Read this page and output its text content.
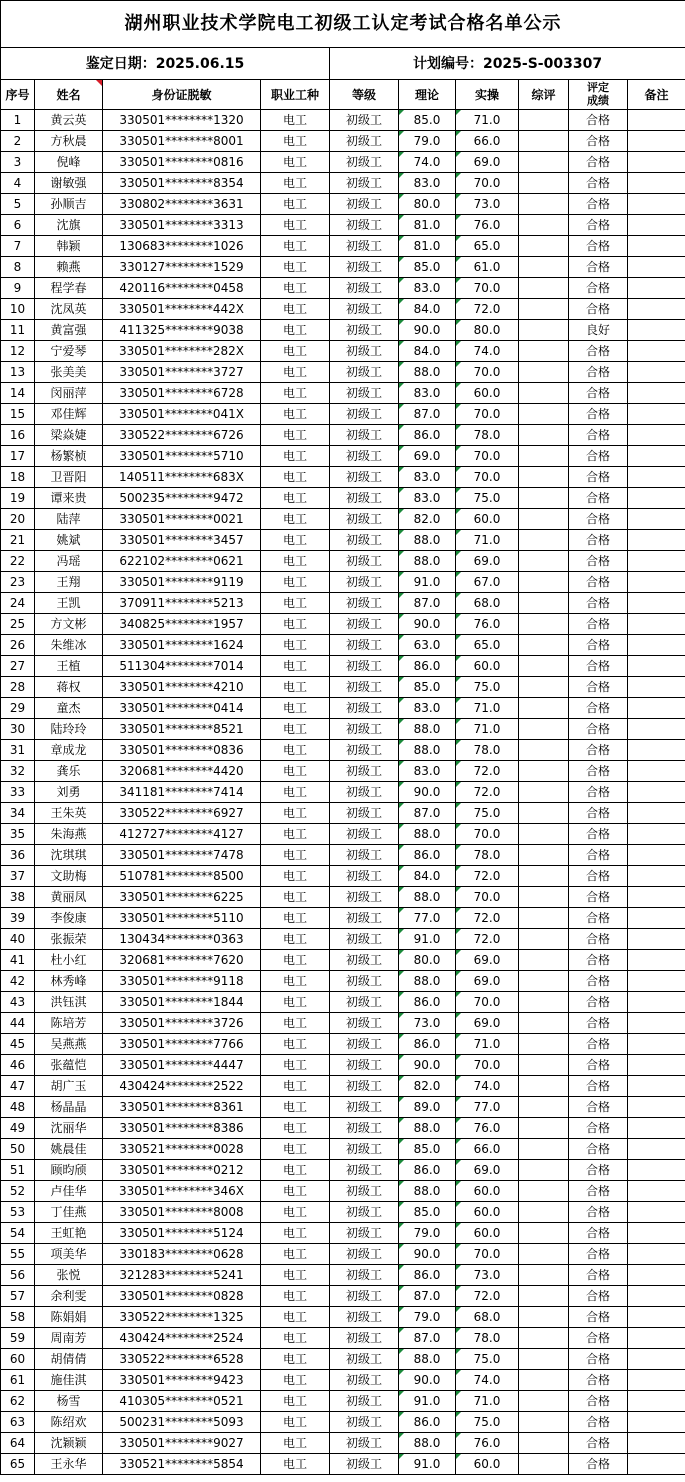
湖州职业技术学院电工初级工认定考试合格名单公示									
鉴定日期：2025.06.15				计划编号：2025-S-003307					
序号	姓名	身份证脱敏	职业工种	等级	理论	实操	综评	评定
成绩	备注
1	黄云英	330501********1320	电工	初级工	85.0	71.0		合格	
2	方秋晨	330501********8001	电工	初级工	79.0	66.0		合格	
3	倪峰	330501********0816	电工	初级工	74.0	69.0		合格	
4	谢敏强	330501********8354	电工	初级工	83.0	70.0		合格	
5	孙顺吉	330802********3631	电工	初级工	80.0	73.0		合格	
6	沈旗	330501********3313	电工	初级工	81.0	76.0		合格	
7	韩颖	130683********1026	电工	初级工	81.0	65.0		合格	
8	赖燕	330127********1529	电工	初级工	85.0	61.0		合格	
9	程学春	420116********0458	电工	初级工	83.0	70.0		合格	
10	沈凤英	330501********442X	电工	初级工	84.0	72.0		合格	
11	黄富强	411325********9038	电工	初级工	90.0	80.0		良好	
12	宁爱琴	330501********282X	电工	初级工	84.0	74.0		合格	
13	张美美	330501********3727	电工	初级工	88.0	70.0		合格	
14	闵丽萍	330501********6728	电工	初级工	83.0	60.0		合格	
15	邓佳辉	330501********041X	电工	初级工	87.0	70.0		合格	
16	梁焱婕	330522********6726	电工	初级工	86.0	78.0		合格	
17	杨繁桢	330501********5710	电工	初级工	69.0	70.0		合格	
18	卫晋阳	140511********683X	电工	初级工	83.0	70.0		合格	
19	谭来贵	500235********9472	电工	初级工	83.0	75.0		合格	
20	陆萍	330501********0021	电工	初级工	82.0	60.0		合格	
21	姚斌	330501********3457	电工	初级工	88.0	71.0		合格	
22	冯瑶	622102********0621	电工	初级工	88.0	69.0		合格	
23	王翔	330501********9119	电工	初级工	91.0	67.0		合格	
24	王凯	370911********5213	电工	初级工	87.0	68.0		合格	
25	方文彬	340825********1957	电工	初级工	90.0	76.0		合格	
26	朱维冰	330501********1624	电工	初级工	63.0	65.0		合格	
27	王植	511304********7014	电工	初级工	86.0	60.0		合格	
28	蒋权	330501********4210	电工	初级工	85.0	75.0		合格	
29	童杰	330501********0414	电工	初级工	83.0	71.0		合格	
30	陆玲玲	330501********8521	电工	初级工	88.0	71.0		合格	
31	章成龙	330501********0836	电工	初级工	88.0	78.0		合格	
32	龚乐	320681********4420	电工	初级工	83.0	72.0		合格	
33	刘勇	341181********7414	电工	初级工	90.0	72.0		合格	
34	王朱英	330522********6927	电工	初级工	87.0	75.0		合格	
35	朱海燕	412727********4127	电工	初级工	88.0	70.0		合格	
36	沈琪琪	330501********7478	电工	初级工	86.0	78.0		合格	
37	文助梅	510781********8500	电工	初级工	84.0	72.0		合格	
38	黄丽凤	330501********6225	电工	初级工	88.0	70.0		合格	
39	李俊康	330501********5110	电工	初级工	77.0	72.0		合格	
40	张振荣	130434********0363	电工	初级工	91.0	72.0		合格	
41	杜小红	320681********7620	电工	初级工	80.0	69.0		合格	
42	林秀峰	330501********9118	电工	初级工	88.0	69.0		合格	
43	洪钰淇	330501********1844	电工	初级工	86.0	70.0		合格	
44	陈培芳	330501********3726	电工	初级工	73.0	69.0		合格	
45	吴燕燕	330501********7766	电工	初级工	86.0	71.0		合格	
46	张蕴恺	330501********4447	电工	初级工	90.0	70.0		合格	
47	胡广玉	430424********2522	电工	初级工	82.0	74.0		合格	
48	杨晶晶	330501********8361	电工	初级工	89.0	77.0		合格	
49	沈丽华	330501********8386	电工	初级工	88.0	76.0		合格	
50	姚晨佳	330521********0028	电工	初级工	85.0	66.0		合格	
51	顾昀颀	330501********0212	电工	初级工	86.0	69.0		合格	
52	卢佳华	330501********346X	电工	初级工	88.0	60.0		合格	
53	丁佳燕	330501********8008	电工	初级工	85.0	60.0		合格	
54	王虹艳	330501********5124	电工	初级工	79.0	60.0		合格	
55	项美华	330183********0628	电工	初级工	90.0	70.0		合格	
56	张悦	321283********5241	电工	初级工	86.0	73.0		合格	
57	余利雯	330501********0828	电工	初级工	87.0	72.0		合格	
58	陈娟娟	330522********1325	电工	初级工	79.0	68.0		合格	
59	周南芳	430424********2524	电工	初级工	87.0	78.0		合格	
60	胡倩倩	330522********6528	电工	初级工	88.0	75.0		合格	
61	施佳淇	330501********9423	电工	初级工	90.0	74.0		合格	
62	杨雪	410305********0521	电工	初级工	91.0	71.0		合格	
63	陈绍欢	500231********5093	电工	初级工	86.0	75.0		合格	
64	沈颖颖	330501********9027	电工	初级工	88.0	76.0		合格	
65	王永华	330521********5854	电工	初级工	91.0	60.0		合格	
